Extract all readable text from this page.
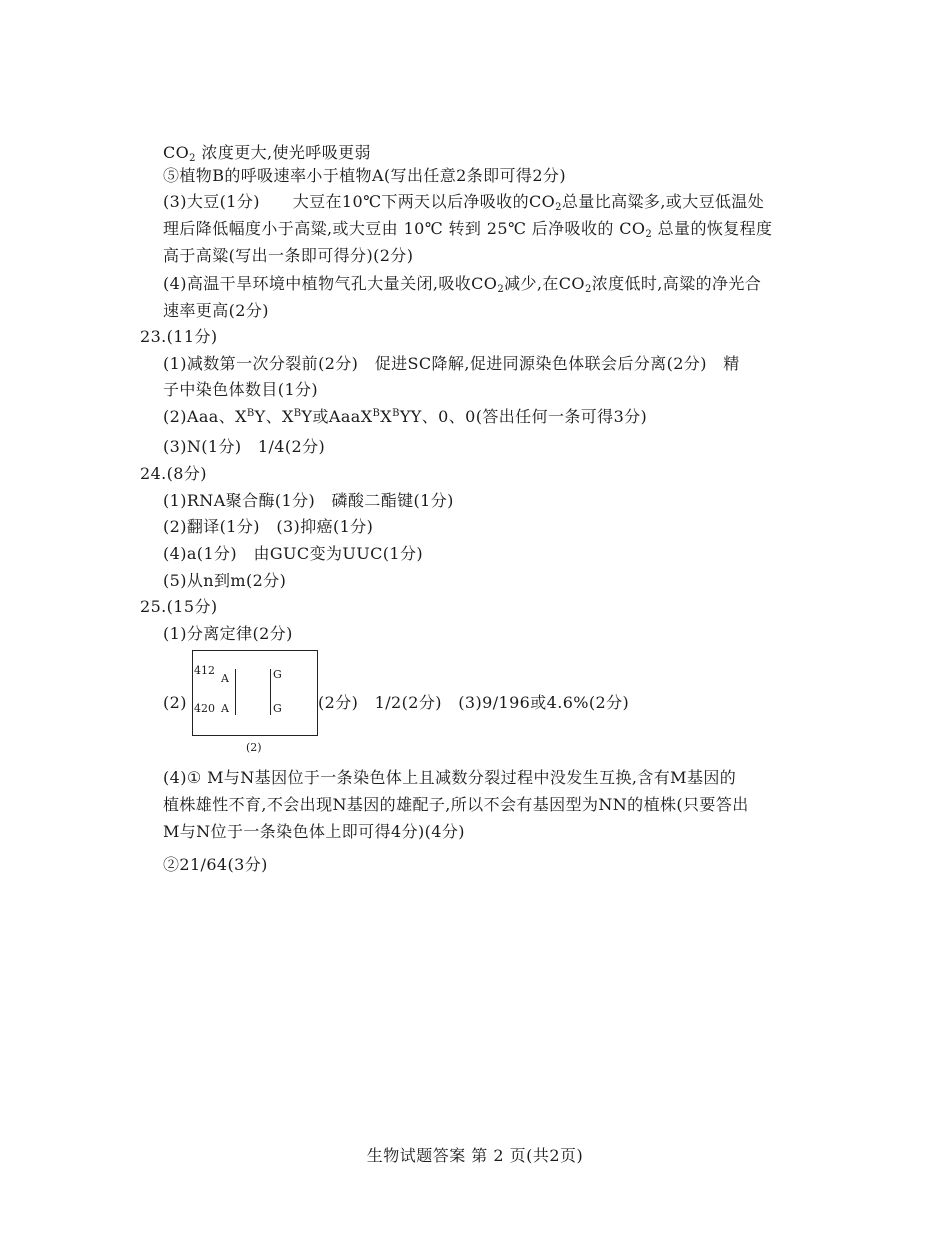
$CO_2$ 浓度更大,使光呼吸更弱
⑤植物B的呼吸速率小于植物A(写出任意2条即可得2分)
(3)大豆(1分)　　大豆在10℃下两天以后净吸收的$CO_2$总量比高粱多,或大豆低温处
理后降低幅度小于高粱,或大豆由 10℃ 转到 25℃ 后净吸收的 $CO_2$ 总量的恢复程度
高于高粱(写出一条即可得分)(2分)
(4)高温干旱环境中植物气孔大量关闭,吸收$CO_2$减少,在$CO_2$浓度低时,高粱的净光合
速率更高(2分)
23.(11分)
(1)减数第一次分裂前(2分)　促进SC降解,促进同源染色体联会后分离(2分)　精
子中染色体数目(1分)
(2)Aaa、$X^BY$、$X^BY$或$AaaX^BX^BYY$、0、0(答出任何一条可得3分)
(3)N(1分)　1/4(2分)
24.(8分)
(1)RNA聚合酶(1分)　磷酸二酯键(1分)
(2)翻译(1分)　(3)抑癌(1分)
(4)a(1分)　由GUC变为UUC(1分)
(5)从n到m(2分)
25.(15分)
(1)分离定律(2分)
(2)
412
420
A
A
G
G
(2)
(2分)　1/2(2分)　(3)9/196或4.6%(2分)
(4)① M与N基因位于一条染色体上且减数分裂过程中没发生互换,含有M基因的
植株雄性不育,不会出现N基因的雄配子,所以不会有基因型为NN的植株(只要答出
M与N位于一条染色体上即可得4分)(4分)
②21/64(3分)
生物试题答案 第 2 页(共2页)
